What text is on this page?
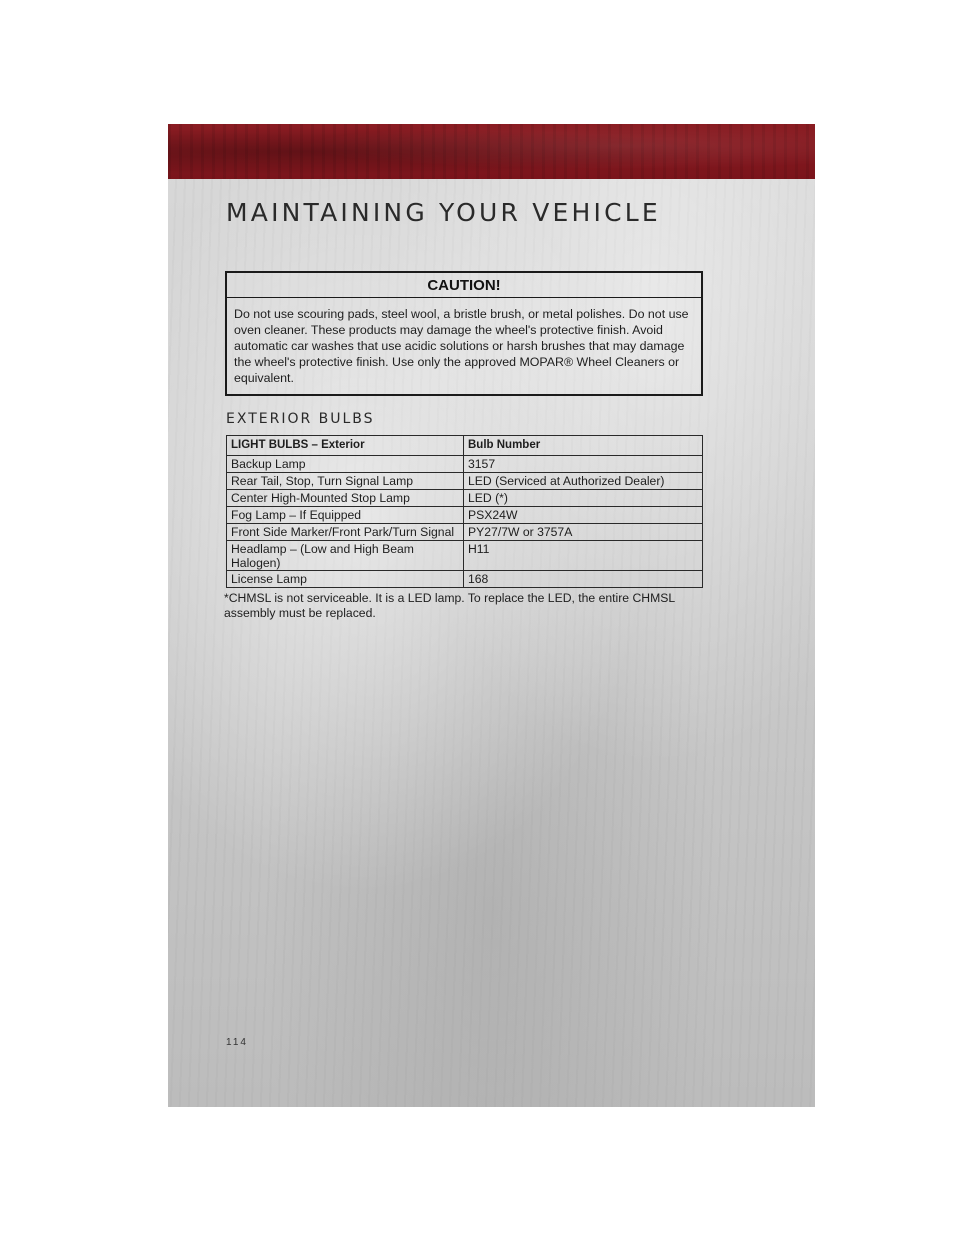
MAINTAINING YOUR VEHICLE
CAUTION!
Do not use scouring pads, steel wool, a bristle brush, or metal polishes. Do not use oven cleaner. These products may damage the wheel's protective finish. Avoid automatic car washes that use acidic solutions or harsh brushes that may damage the wheel's protective finish. Use only the approved MOPAR® Wheel Cleaners or equivalent.
EXTERIOR BULBS
LIGHT BULBS – Exterior	Bulb Number
Backup Lamp	3157
Rear Tail, Stop, Turn Signal Lamp	LED (Serviced at Authorized Dealer)
Center High-Mounted Stop Lamp	LED (*)
Fog Lamp – If Equipped	PSX24W
Front Side Marker/Front Park/Turn Signal	PY27/7W or 3757A
Headlamp – (Low and High Beam Halogen)	H11
License Lamp	168
*CHMSL is not serviceable. It is a LED lamp. To replace the LED, the entire CHMSL assembly must be replaced.
114
